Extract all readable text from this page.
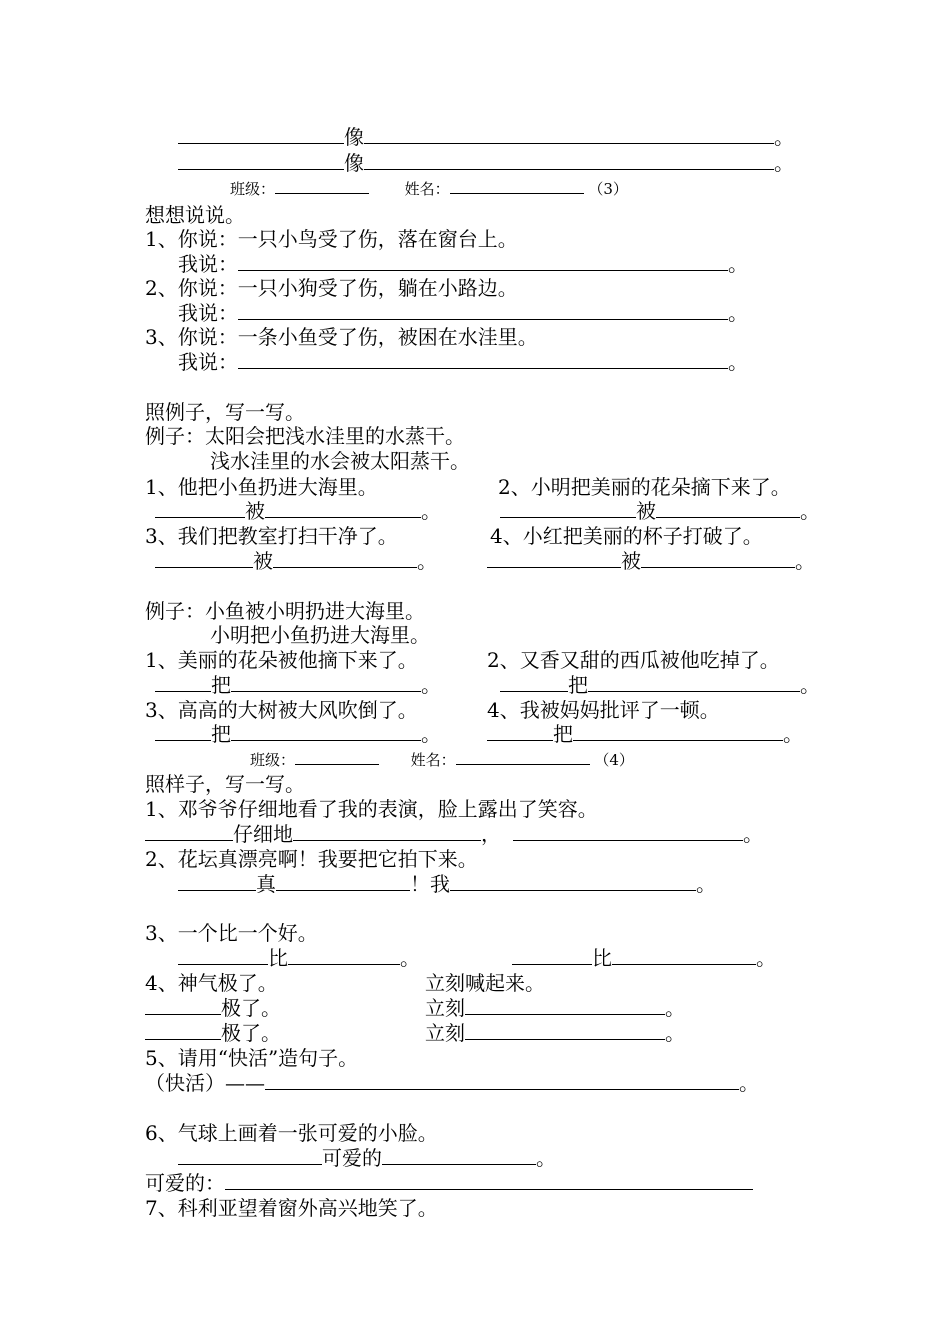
像	。
像	。
班级：	姓名：	（3）
想想说说。
1、你说：一只小鸟受了伤，落在窗台上。
我说：	。
2、你说：一只小狗受了伤，躺在小路边。
我说：	。
3、你说：一条小鱼受了伤，被困在水洼里。
我说：	。
照例子，写一写。
例子：太阳会把浅水洼里的水蒸干。
浅水洼里的水会被太阳蒸干。
1、他把小鱼扔进大海里。	2、小明把美丽的花朵摘下来了。
被	。	被	。
3、我们把教室打扫干净了。	4、小红把美丽的杯子打破了。
被	。	被	。
例子：小鱼被小明扔进大海里。
小明把小鱼扔进大海里。
1、美丽的花朵被他摘下来了。	2、又香又甜的西瓜被他吃掉了。
把	。	把	。
3、高高的大树被大风吹倒了。	4、我被妈妈批评了一顿。
把	。	把	。
班级：	姓名：	（4）
照样子，写一写。
1、邓爷爷仔细地看了我的表演，脸上露出了笑容。
仔细地	，	。
2、花坛真漂亮啊！我要把它拍下来。
真	！我	。
3、一个比一个好。
比	。	比	。
4、神气极了。	立刻喊起来。
极了。	立刻	。
极了。	立刻	。
5、请用“快活”造句子。
（快活）——	。
6、气球上画着一张可爱的小脸。
可爱的	。
可爱的：
7、科利亚望着窗外高兴地笑了。
